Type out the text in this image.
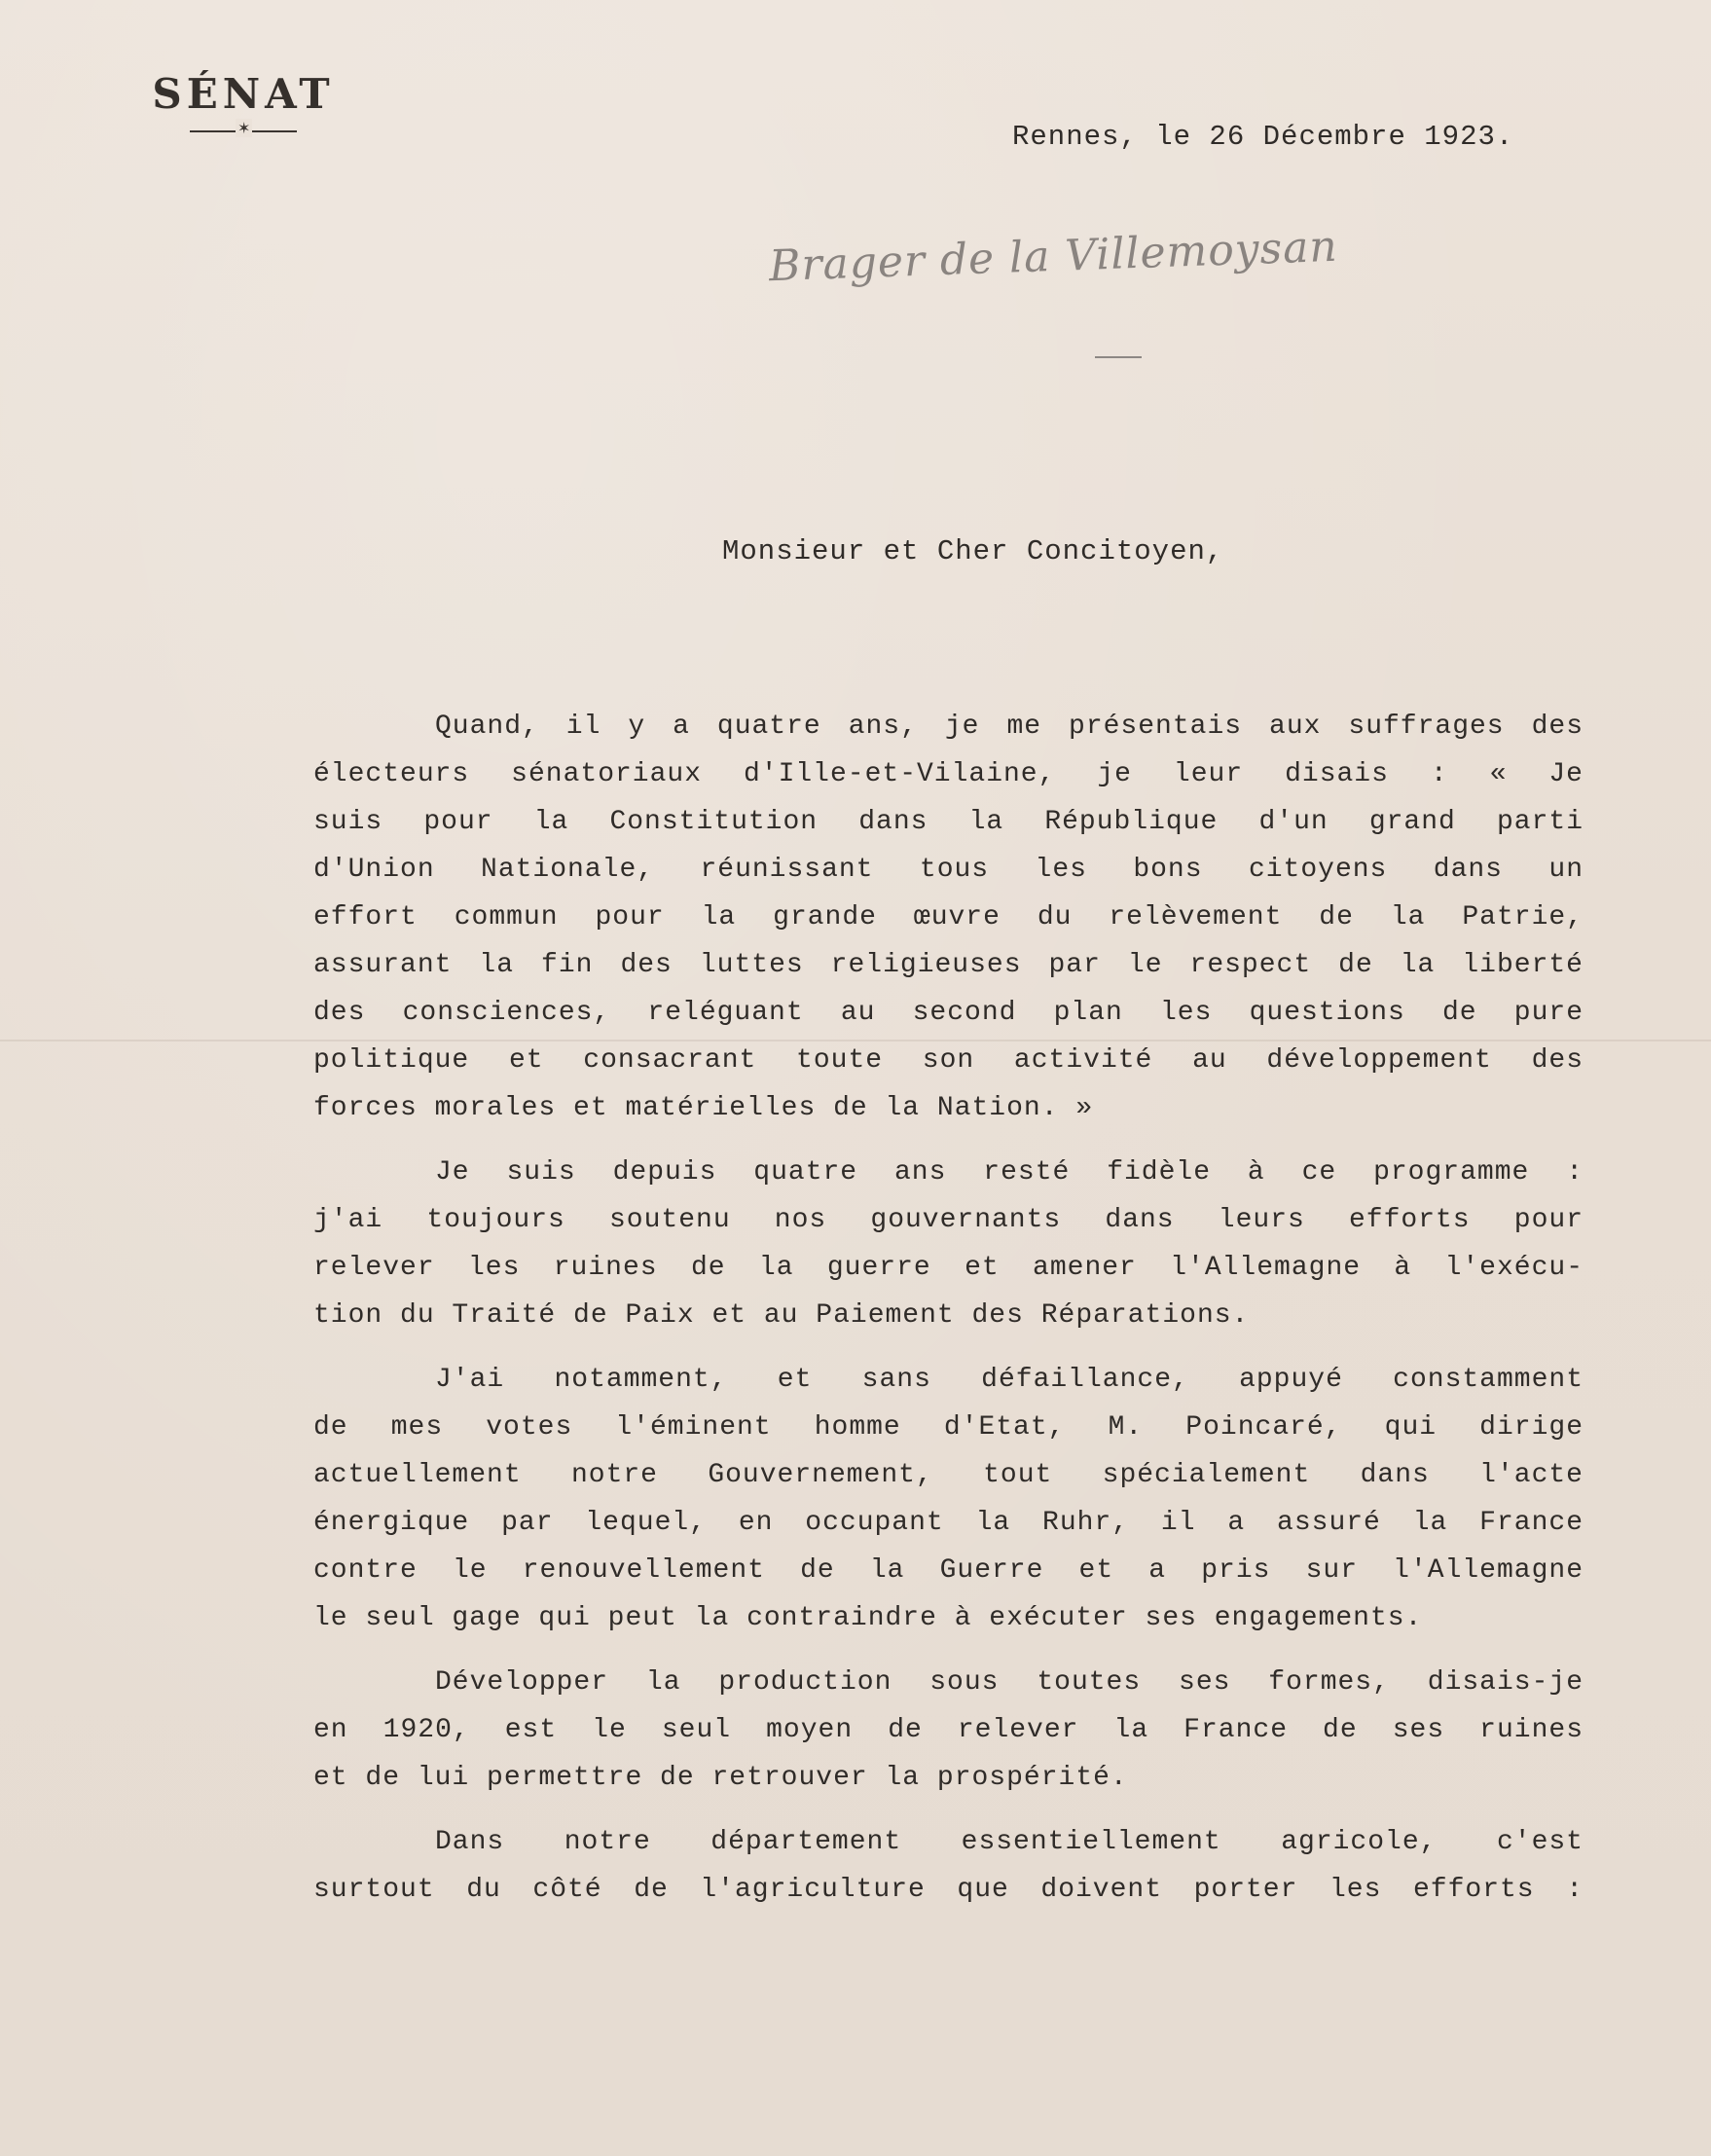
SÉNAT
✶	Rennes, le 26 Décembre 1923.
Brager de la Villemoysan
Monsieur et Cher Concitoyen,
Quand, il y a quatre ans, je me présentais aux suffrages des
électeurs sénatoriaux d'Ille-et-Vilaine, je leur disais : « Je
suis pour la Constitution dans la République d'un grand parti
d'Union Nationale, réunissant tous les bons citoyens dans un
effort commun pour la grande œuvre du relèvement de la Patrie,
assurant la fin des luttes religieuses par le respect de la liberté
des consciences, reléguant au second plan les questions de pure
politique et consacrant toute son activité au développement des
forces morales et matérielles de la Nation. »
Je suis depuis quatre ans resté fidèle à ce programme :
j'ai toujours soutenu nos gouvernants dans leurs efforts pour
relever les ruines de la guerre et amener l'Allemagne à l'exécu-
tion du Traité de Paix et au Paiement des Réparations.
J'ai notamment, et sans défaillance, appuyé constamment
de mes votes l'éminent homme d'Etat, M. Poincaré, qui dirige
actuellement notre Gouvernement, tout spécialement dans l'acte
énergique par lequel, en occupant la Ruhr, il a assuré la France
contre le renouvellement de la Guerre et a pris sur l'Allemagne
le seul gage qui peut la contraindre à exécuter ses engagements.
Développer la production sous toutes ses formes, disais-je
en 1920, est le seul moyen de relever la France de ses ruines
et de lui permettre de retrouver la prospérité.
Dans notre département essentiellement agricole, c'est
surtout du côté de l'agriculture que doivent porter les efforts :
